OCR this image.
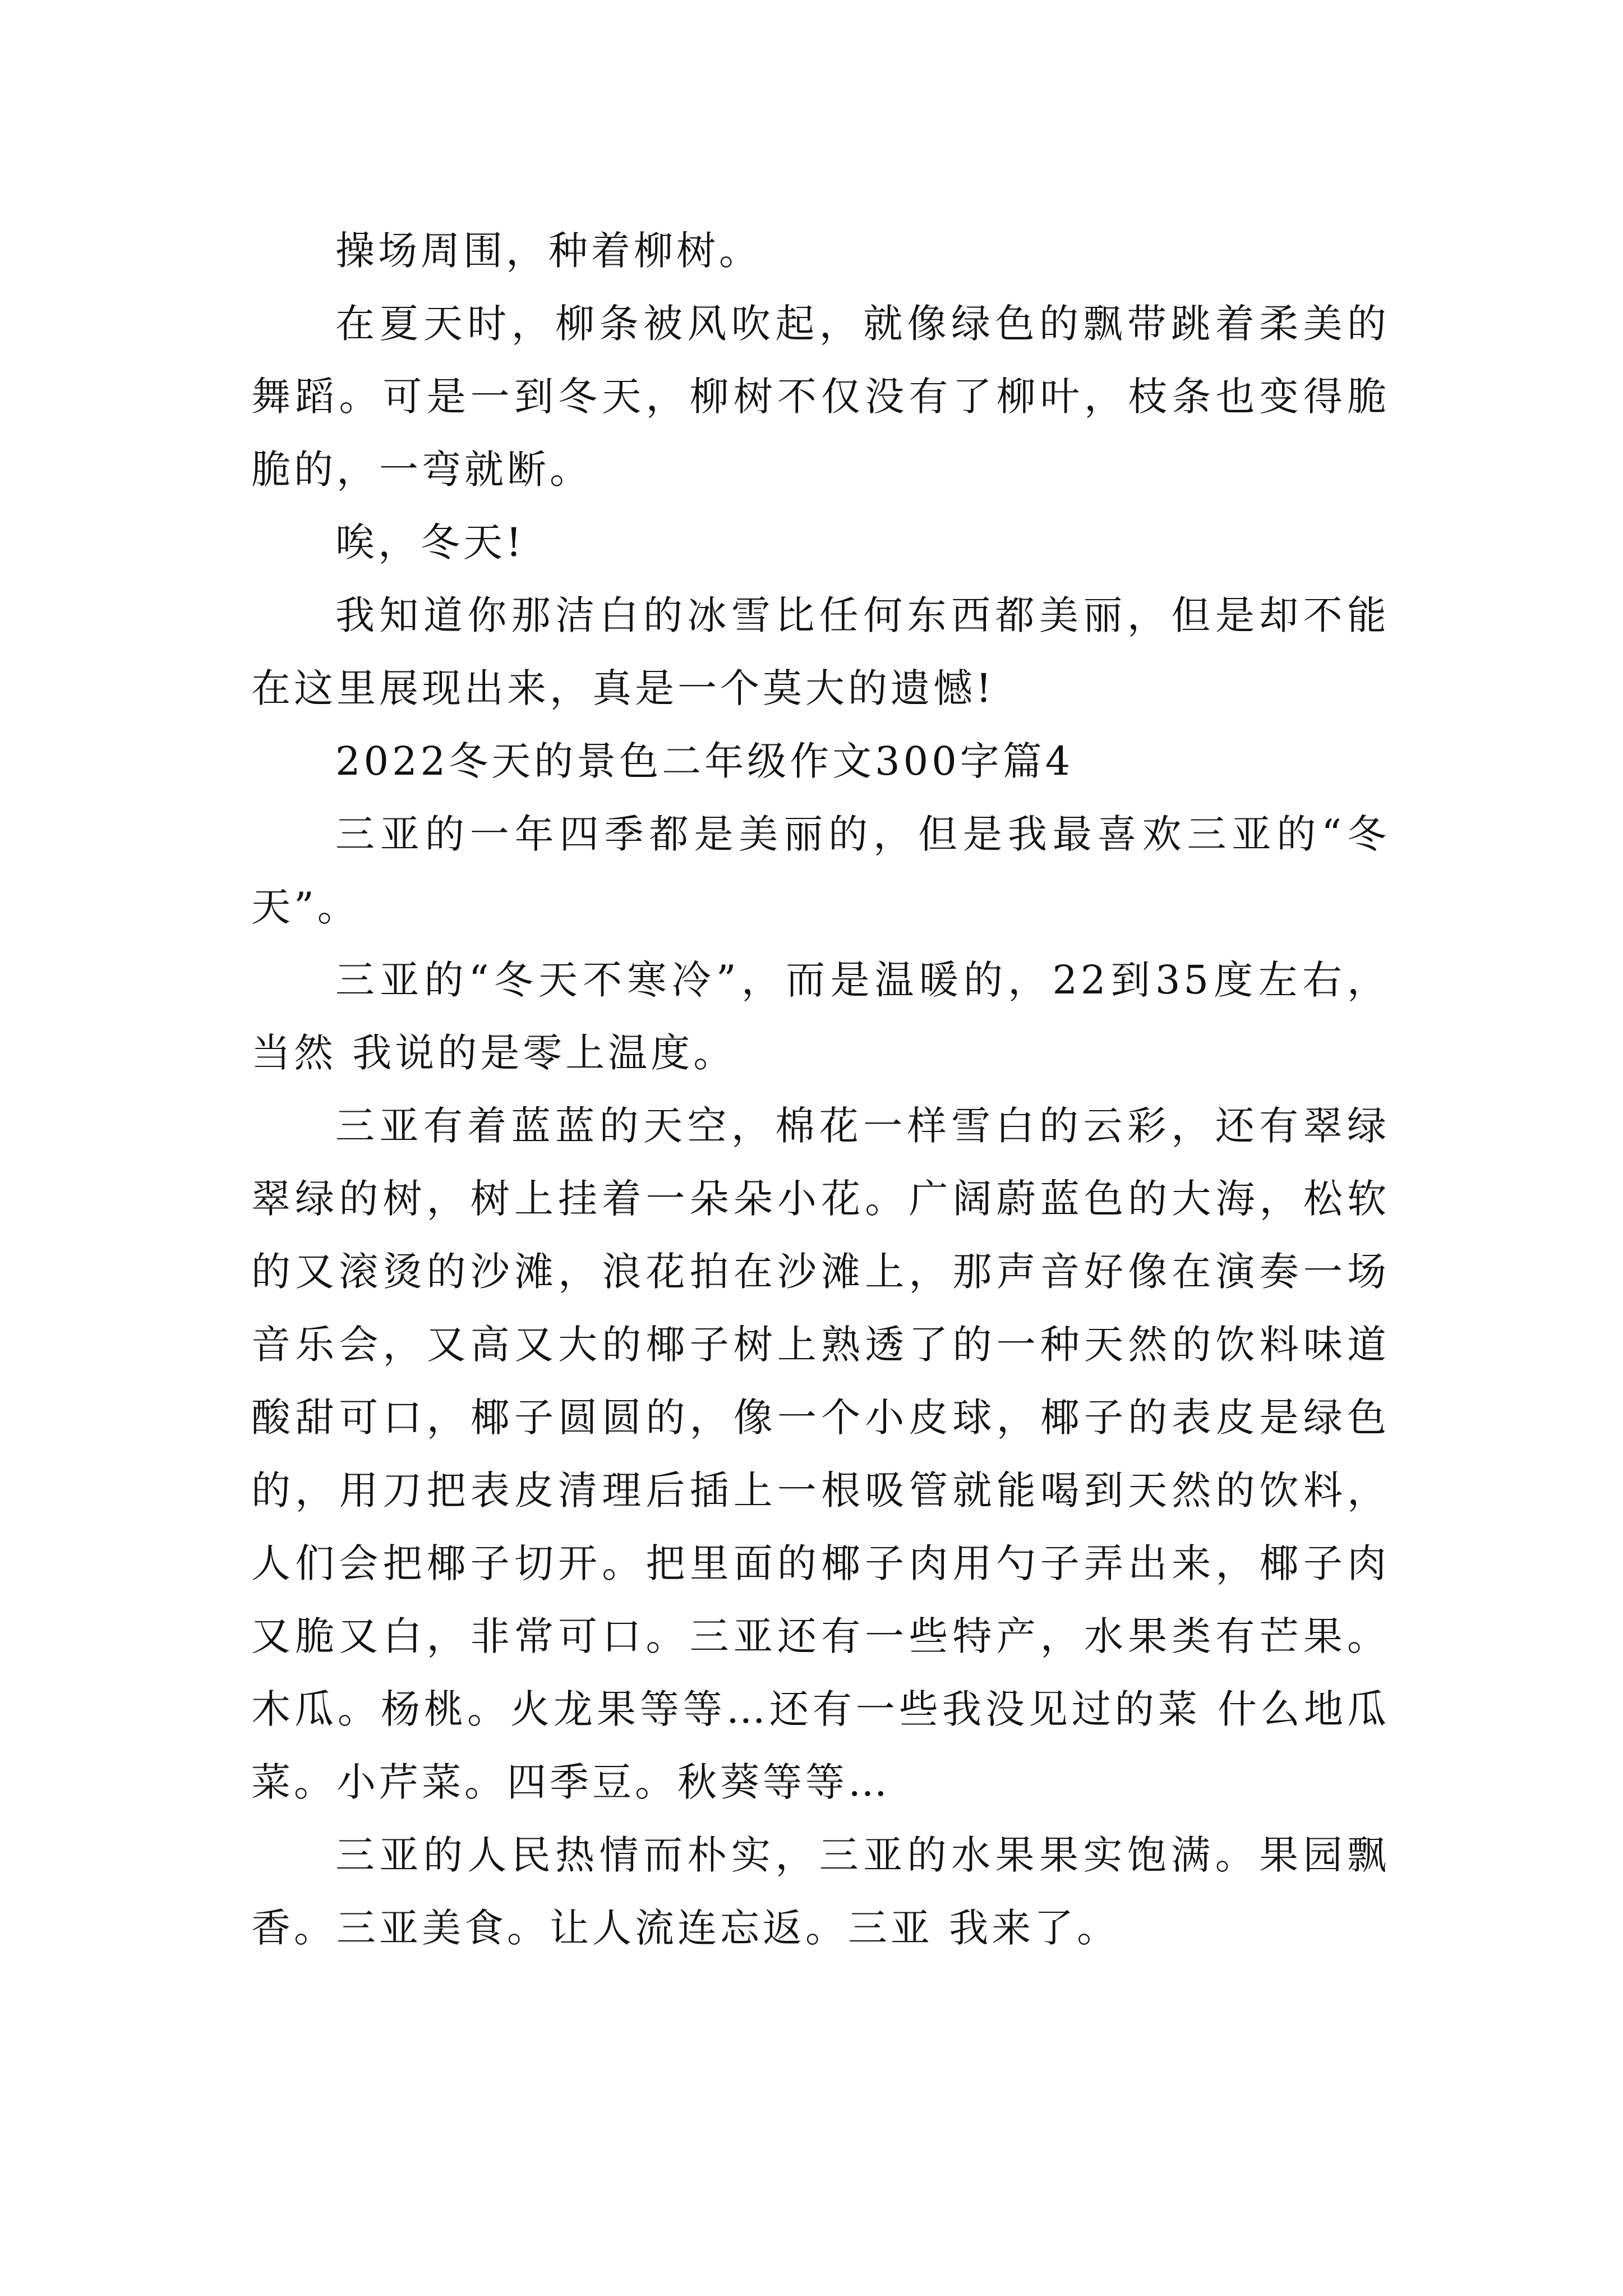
操场周围，种着柳树。

在夏天时，柳条被风吹起，就像绿色的飘带跳着柔美的舞蹈。可是一到冬天，柳树不仅没有了柳叶，枝条也变得脆脆的，一弯就断。

唉，冬天!

我知道你那洁白的冰雪比任何东西都美丽，但是却不能在这里展现出来，真是一个莫大的遗憾!

2022冬天的景色二年级作文300字篇4

三亚的一年四季都是美丽的，但是我最喜欢三亚的“冬天”。

三亚的“冬天不寒冷”，而是温暖的，22到35度左右，当然 我说的是零上温度。

三亚有着蓝蓝的天空，棉花一样雪白的云彩，还有翠绿翠绿的树，树上挂着一朵朵小花。广阔蔚蓝色的大海，松软的又滚烫的沙滩，浪花拍在沙滩上，那声音好像在演奏一场音乐会，又高又大的椰子树上熟透了的一种天然的饮料味道酸甜可口，椰子圆圆的，像一个小皮球，椰子的表皮是绿色的，用刀把表皮清理后插上一根吸管就能喝到天然的饮料，人们会把椰子切开。把里面的椰子肉用勺子弄出来，椰子肉又脆又白，非常可口。三亚还有一些特产，水果类有芒果。木瓜。杨桃。火龙果等等…还有一些我没见过的菜 什么地瓜菜。小芹菜。四季豆。秋葵等等…

三亚的人民热情而朴实，三亚的水果果实饱满。果园飘香。三亚美食。让人流连忘返。三亚 我来了。
